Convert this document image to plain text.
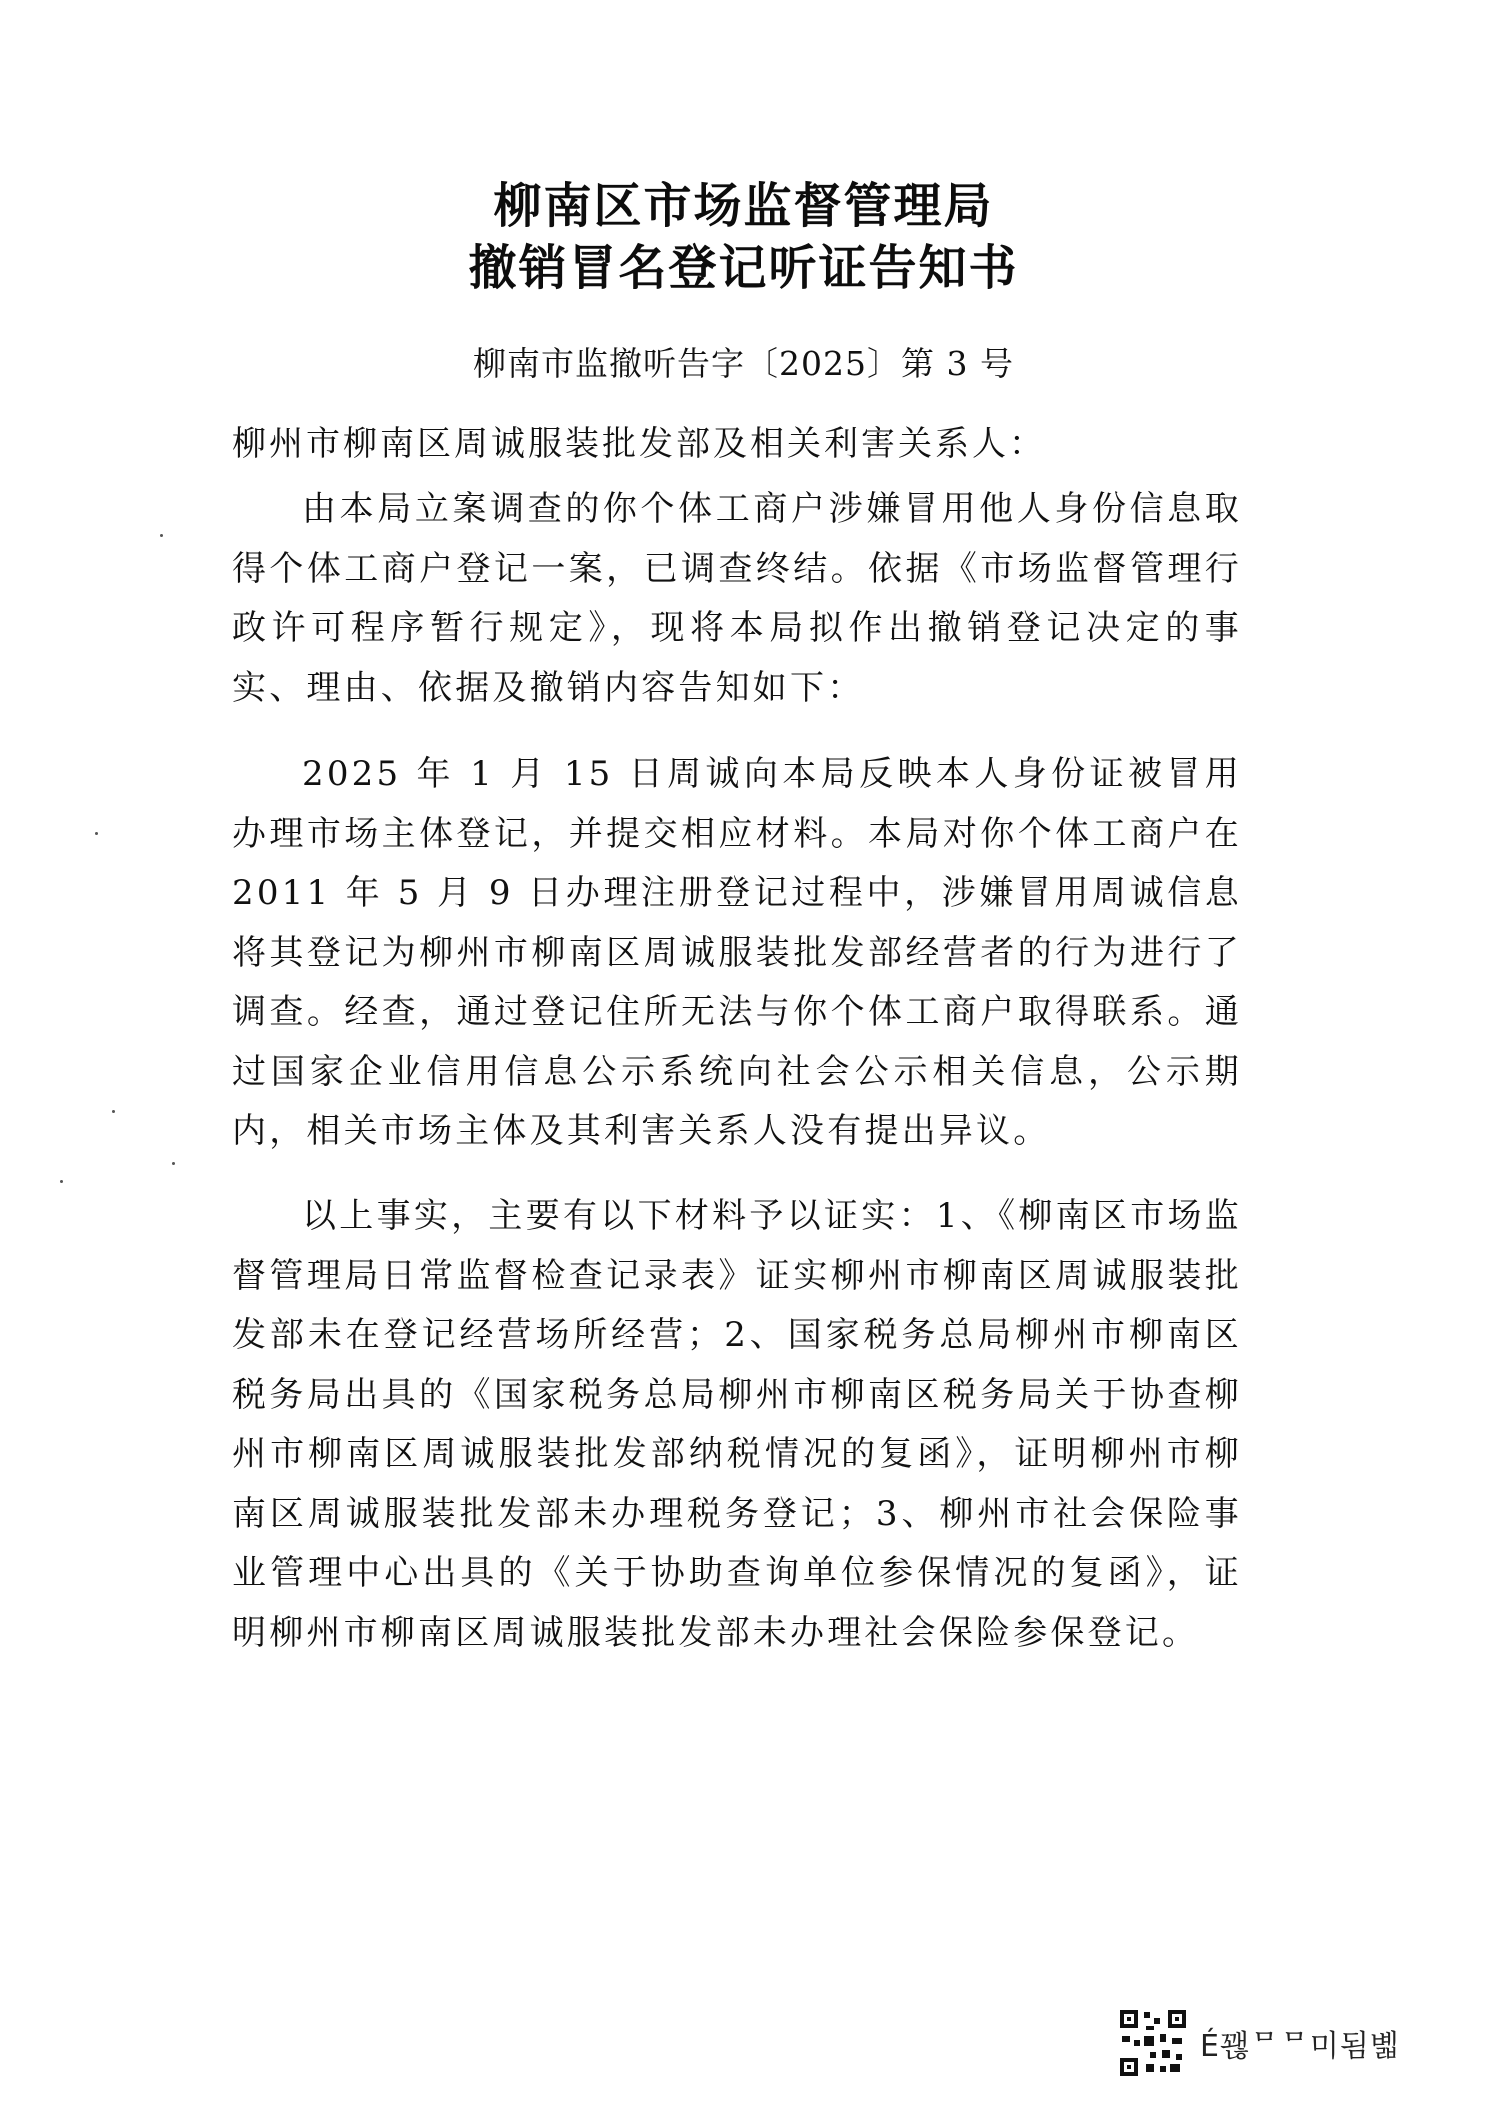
柳南区市场监督管理局
撤销冒名登记听证告知书
柳南市监撤听告字〔2025〕第 3 号
柳州市柳南区周诚服装批发部及相关利害关系人：

由本局立案调查的你个体工商户涉嫌冒用他人身份信息取得个体工商户登记一案，已调查终结。依据《市场监督管理行政许可程序暂行规定》，现将本局拟作出撤销登记决定的事实、理由、依据及撤销内容告知如下：

2025 年 1 月 15 日周诚向本局反映本人身份证被冒用办理市场主体登记，并提交相应材料。本局对你个体工商户在 2011 年 5 月 9 日办理注册登记过程中，涉嫌冒用周诚信息将其登记为柳州市柳南区周诚服装批发部经营者的行为进行了调查。经查，通过登记住所无法与你个体工商户取得联系。通过国家企业信用信息公示系统向社会公示相关信息，公示期内，相关市场主体及其利害关系人没有提出异议。

以上事实，主要有以下材料予以证实：1、《柳南区市场监督管理局日常监督检查记录表》证实柳州市柳南区周诚服装批发部未在登记经营场所经营；2、国家税务总局柳州市柳南区税务局出具的《国家税务总局柳州市柳南区税务局关于协查柳州市柳南区周诚服装批发部纳税情况的复函》，证明柳州市柳南区周诚服装批发部未办理税务登记；3、柳州市社会保险事业管理中心出具的《关于协助查询单位参保情况的复函》，证明柳州市柳南区周诚服装批发部未办理社会保险参保登记。

É꽪ᄆᄆ미됨볣
